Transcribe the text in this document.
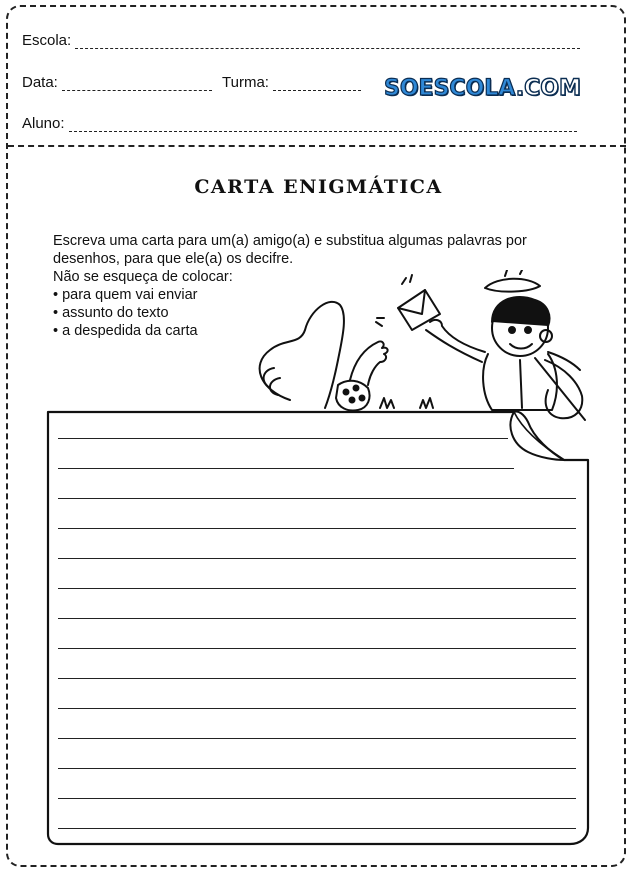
Escola:
Data:	Turma:	SOESCOLA.COM
Aluno:
CARTA ENIGMÁTICA

Escreva uma carta para um(a) amigo(a) e substitua algumas palavras por desenhos, para que ele(a) os decifre.

Não se esqueça de colocar:

• para quem vai enviar
• assunto do texto
• a despedida da carta
